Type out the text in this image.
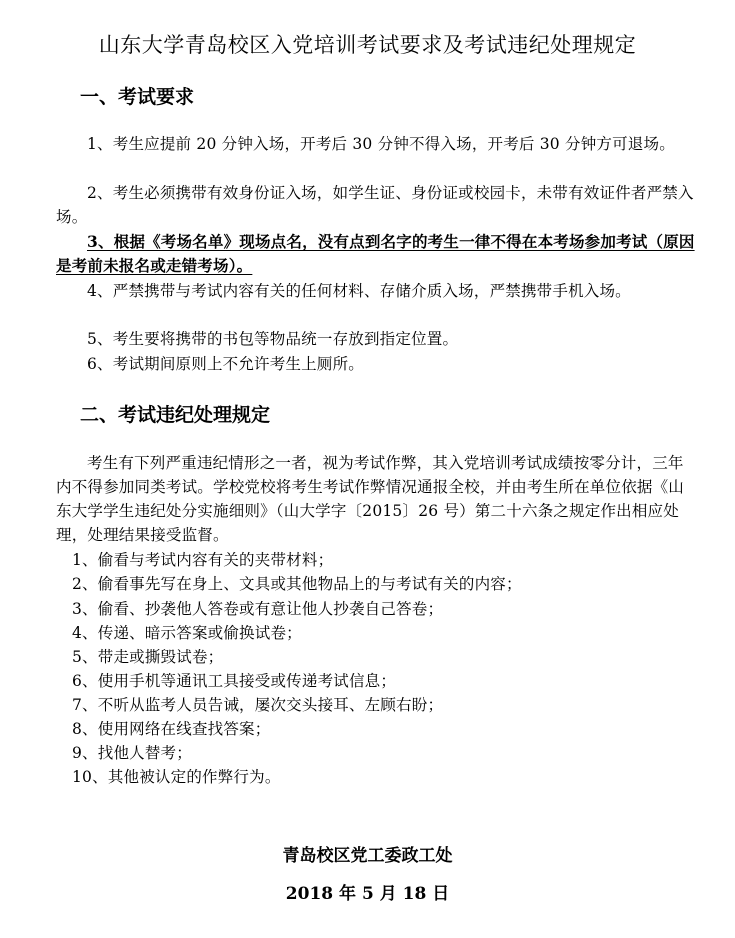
山东大学青岛校区入党培训考试要求及考试违纪处理规定
一、考试要求
1、考生应提前 20 分钟入场，开考后 30 分钟不得入场，开考后 30 分钟方可退场。
2、考生必须携带有效身份证入场，如学生证、身份证或校园卡，未带有效证件者严禁入场。
3、根据《考场名单》现场点名，没有点到名字的考生一律不得在本考场参加考试（原因是考前未报名或走错考场）。
4、严禁携带与考试内容有关的任何材料、存储介质入场，严禁携带手机入场。
5、考生要将携带的书包等物品统一存放到指定位置。
6、考试期间原则上不允许考生上厕所。
二、考试违纪处理规定
考生有下列严重违纪情形之一者，视为考试作弊，其入党培训考试成绩按零分计，三年内不得参加同类考试。学校党校将考生考试作弊情况通报全校，并由考生所在单位依据《山东大学学生违纪处分实施细则》（山大学字〔2015〕26 号）第二十六条之规定作出相应处理，处理结果接受监督。
1、偷看与考试内容有关的夹带材料；
2、偷看事先写在身上、文具或其他物品上的与考试有关的内容；
3、偷看、抄袭他人答卷或有意让他人抄袭自己答卷；
4、传递、暗示答案或偷换试卷；
5、带走或撕毁试卷；
6、使用手机等通讯工具接受或传递考试信息；
7、不听从监考人员告诫，屡次交头接耳、左顾右盼；
8、使用网络在线查找答案；
9、找他人替考；
10、其他被认定的作弊行为。
青岛校区党工委政工处
2018 年 5 月 18 日
